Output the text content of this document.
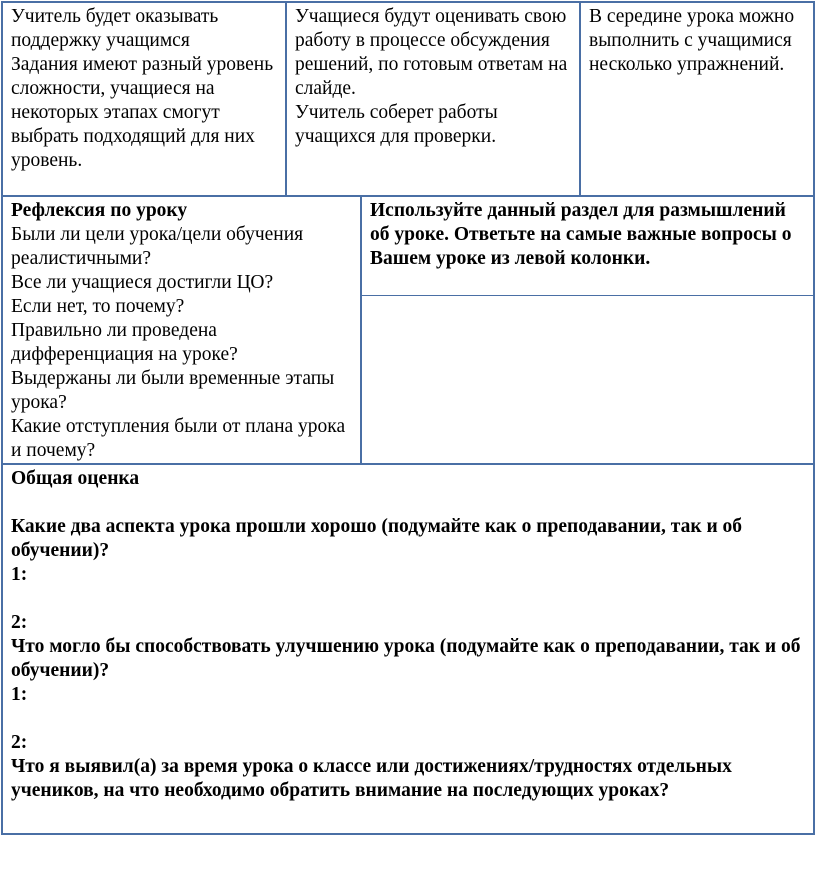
Учитель будет оказывать поддержку учащимся

Задания имеют разный уровень сложности, учащиеся на некоторых этапах смогут выбрать подходящий для них уровень.

Учащиеся будут оценивать свою работу в процессе обсуждения решений, по готовым ответам на слайде.

Учитель соберет работы учащихся для проверки.

В середине урока можно выполнить с учащимися несколько упражнений.

Рефлексия по уроку

Были ли цели урока/цели обучения реалистичными?

Все ли учащиеся достигли ЦО?

Если нет, то почему?

Правильно ли проведена дифференциация на уроке?

Выдержаны ли были временные этапы урока?

Какие отступления были от плана урока и почему?

Используйте данный раздел для размышлений об уроке. Ответьте на самые важные вопросы о Вашем уроке из левой колонки.

Общая оценка

Какие два аспекта урока прошли хорошо (подумайте как о преподавании, так и об обучении)?

1:

2:

Что могло бы способствовать улучшению урока (подумайте как о преподавании, так и об обучении)?

1:

2:

Что я выявил(а) за время урока о классе или достижениях/трудностях отдельных учеников, на что необходимо обратить внимание на последующих уроках?
